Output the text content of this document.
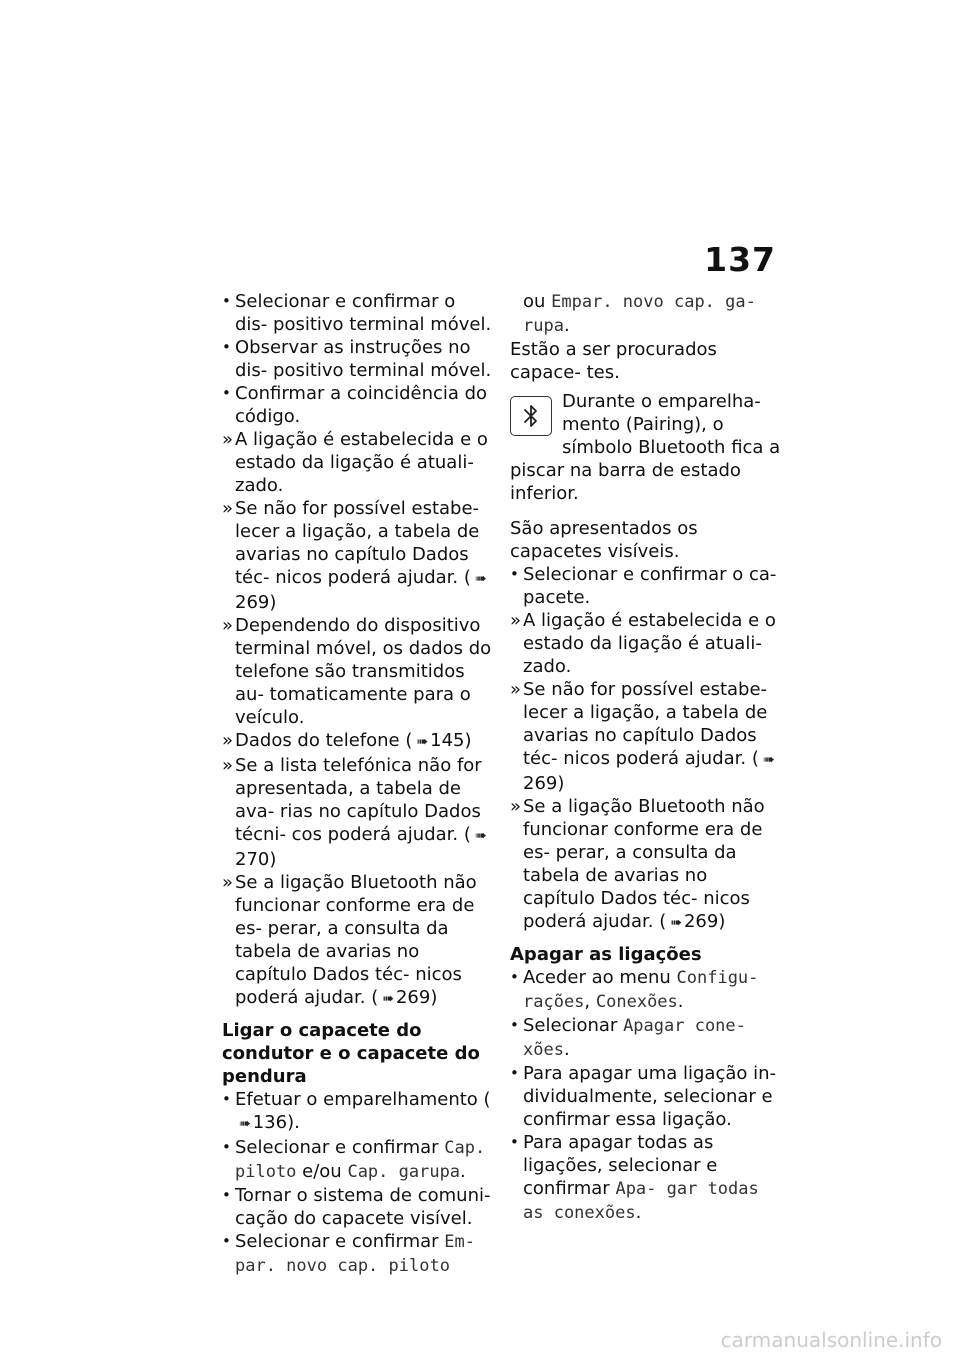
137
• Selecionar e confirmar o dis- positivo terminal móvel.
• Observar as instruções no dis- positivo terminal móvel.
• Confirmar a coincidência do código.
» A ligação é estabelecida e o estado da ligação é atuali- zado.
» Se não for possível estabe- lecer a ligação, a tabela de avarias no capítulo Dados téc- nicos poderá ajudar. ( ➠269)
» Dependendo do dispositivo terminal móvel, os dados do telefone são transmitidos au- tomaticamente para o veículo.
» Dados do telefone ( ➠ 145)
» Se a lista telefónica não for apresentada, a tabela de ava- rias no capítulo Dados técni- cos poderá ajudar. ( ➠270)
» Se a ligação Bluetooth não funcionar conforme era de es- perar, a consulta da tabela de avarias no capítulo Dados téc- nicos poderá ajudar. ( ➠ 269)
Ligar o capacete do condutor e o capacete do pendura
• Efetuar o emparelhamento (➠ 136).
• Selecionar e confirmar Cap. piloto e/ou Cap. garupa.
• Tornar o sistema de comuni- cação do capacete visível.
• Selecionar e confirmar Em- par. novo cap. piloto
ou Empar. novo cap. ga- rupa.
Estão a ser procurados capace- tes.
Durante o emparelha- mento (Pairing), o símbolo Bluetooth fica a piscar na barra de estado inferior.
São apresentados os capacetes visíveis.
• Selecionar e confirmar o ca- pacete.
» A ligação é estabelecida e o estado da ligação é atuali- zado.
» Se não for possível estabe- lecer a ligação, a tabela de avarias no capítulo Dados téc- nicos poderá ajudar. ( ➠269)
» Se a ligação Bluetooth não funcionar conforme era de es- perar, a consulta da tabela de avarias no capítulo Dados téc- nicos poderá ajudar. ( ➠ 269)
Apagar as ligações
• Aceder ao menu Configu- rações, Conexões.
• Selecionar Apagar cone- xões.
• Para apagar uma ligação in- dividualmente, selecionar e confirmar essa ligação.
• Para apagar todas as ligações, selecionar e confirmar Apa- gar todas as conexões.
carmanualsonline.info
